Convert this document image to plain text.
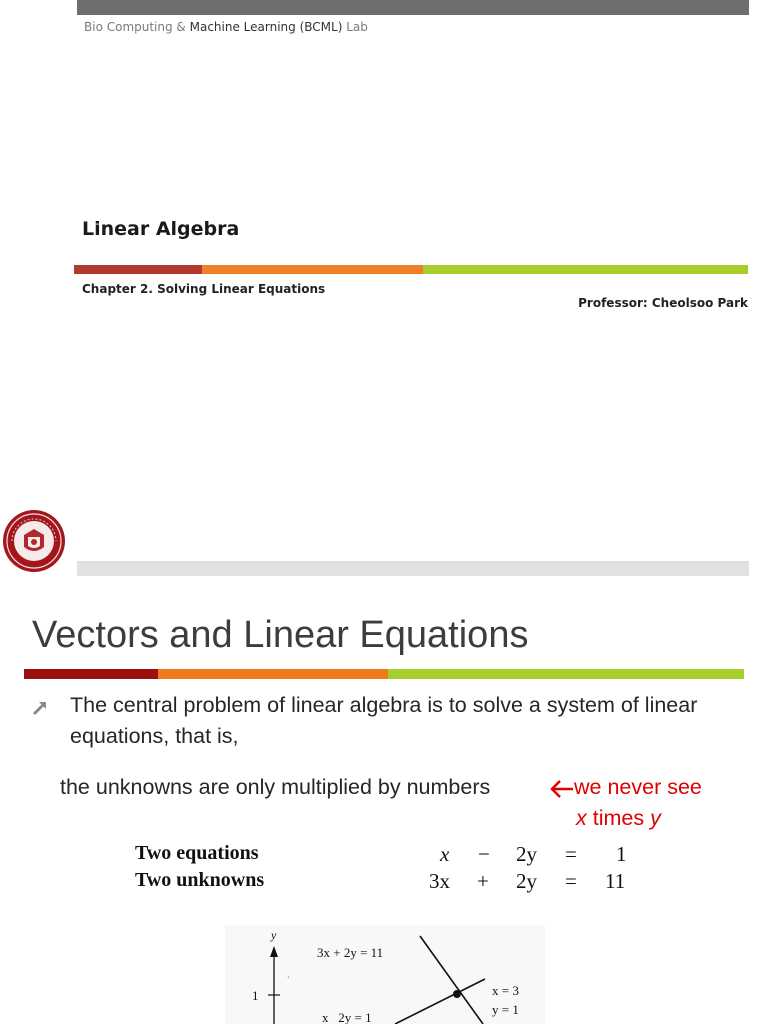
Bio Computing & Machine Learning (BCML) Lab
Linear Algebra
Chapter 2. Solving Linear Equations
Professor: Cheolsoo Park
Vectors and Linear Equations
The central problem of linear algebra is to solve a system of linear equations, that is,
the unknowns are only multiplied by numbers	we never see
x times y
Two equations
Two unknowns
x − 2y = 1
3x + 2y = 11
y
1
`
3x + 2y = 11
x   2y = 1
x = 3
y = 1
